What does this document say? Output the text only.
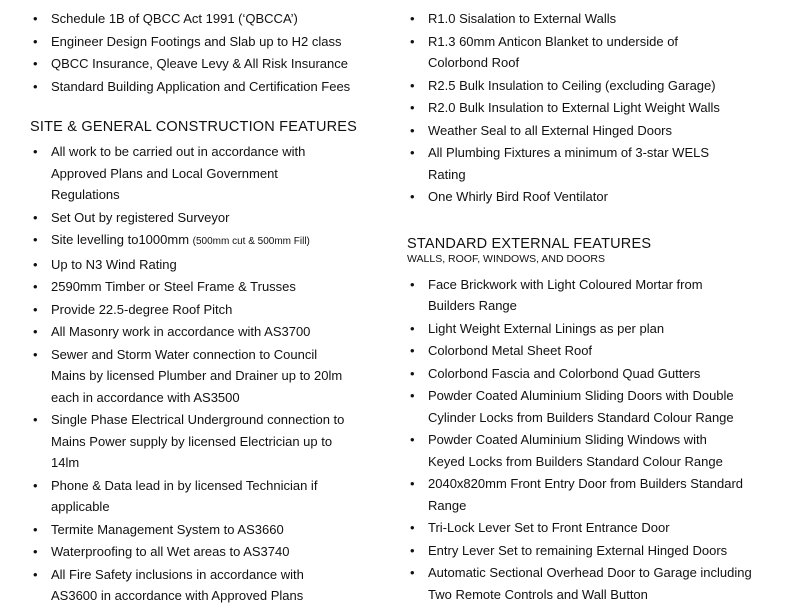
• Schedule 1B of QBCC Act 1991 (‘QBCCA’)
• Engineer Design Footings and Slab up to H2 class
• QBCC Insurance, Qleave Levy & All Risk Insurance
• Standard Building Application and Certification Fees
SITE & GENERAL CONSTRUCTION FEATURES
• All work to be carried out in accordance with
Approved Plans and Local Government
Regulations
• Set Out by registered Surveyor
• Site levelling to1000mm (500mm cut & 500mm Fill)
• Up to N3 Wind Rating
• 2590mm Timber or Steel Frame & Trusses
• Provide 22.5-degree Roof Pitch
• All Masonry work in accordance with AS3700
• Sewer and Storm Water connection to Council
Mains by licensed Plumber and Drainer up to 20lm
each in accordance with AS3500
• Single Phase Electrical Underground connection to
Mains Power supply by licensed Electrician up to
14lm
• Phone & Data lead in by licensed Technician if
applicable
• Termite Management System to AS3660
• Waterproofing to all Wet areas to AS3740
• All Fire Safety inclusions in accordance with
AS3600 in accordance with Approved Plans
• R1.0 Sisalation to External Walls
• R1.3 60mm Anticon Blanket to underside of
Colorbond Roof
• R2.5 Bulk Insulation to Ceiling (excluding Garage)
• R2.0 Bulk Insulation to External Light Weight Walls
• Weather Seal to all External Hinged Doors
• All Plumbing Fixtures a minimum of 3-star WELS
Rating
• One Whirly Bird Roof Ventilator
STANDARD EXTERNAL FEATURES
WALLS, ROOF, WINDOWS, AND DOORS
• Face Brickwork with Light Coloured Mortar from
Builders Range
• Light Weight External Linings as per plan
• Colorbond Metal Sheet Roof
• Colorbond Fascia and Colorbond Quad Gutters
• Powder Coated Aluminium Sliding Doors with Double
Cylinder Locks from Builders Standard Colour Range
• Powder Coated Aluminium Sliding Windows with
Keyed Locks from Builders Standard Colour Range
• 2040x820mm Front Entry Door from Builders Standard
Range
• Tri-Lock Lever Set to Front Entrance Door
• Entry Lever Set to remaining External Hinged Doors
• Automatic Sectional Overhead Door to Garage including
Two Remote Controls and Wall Button
